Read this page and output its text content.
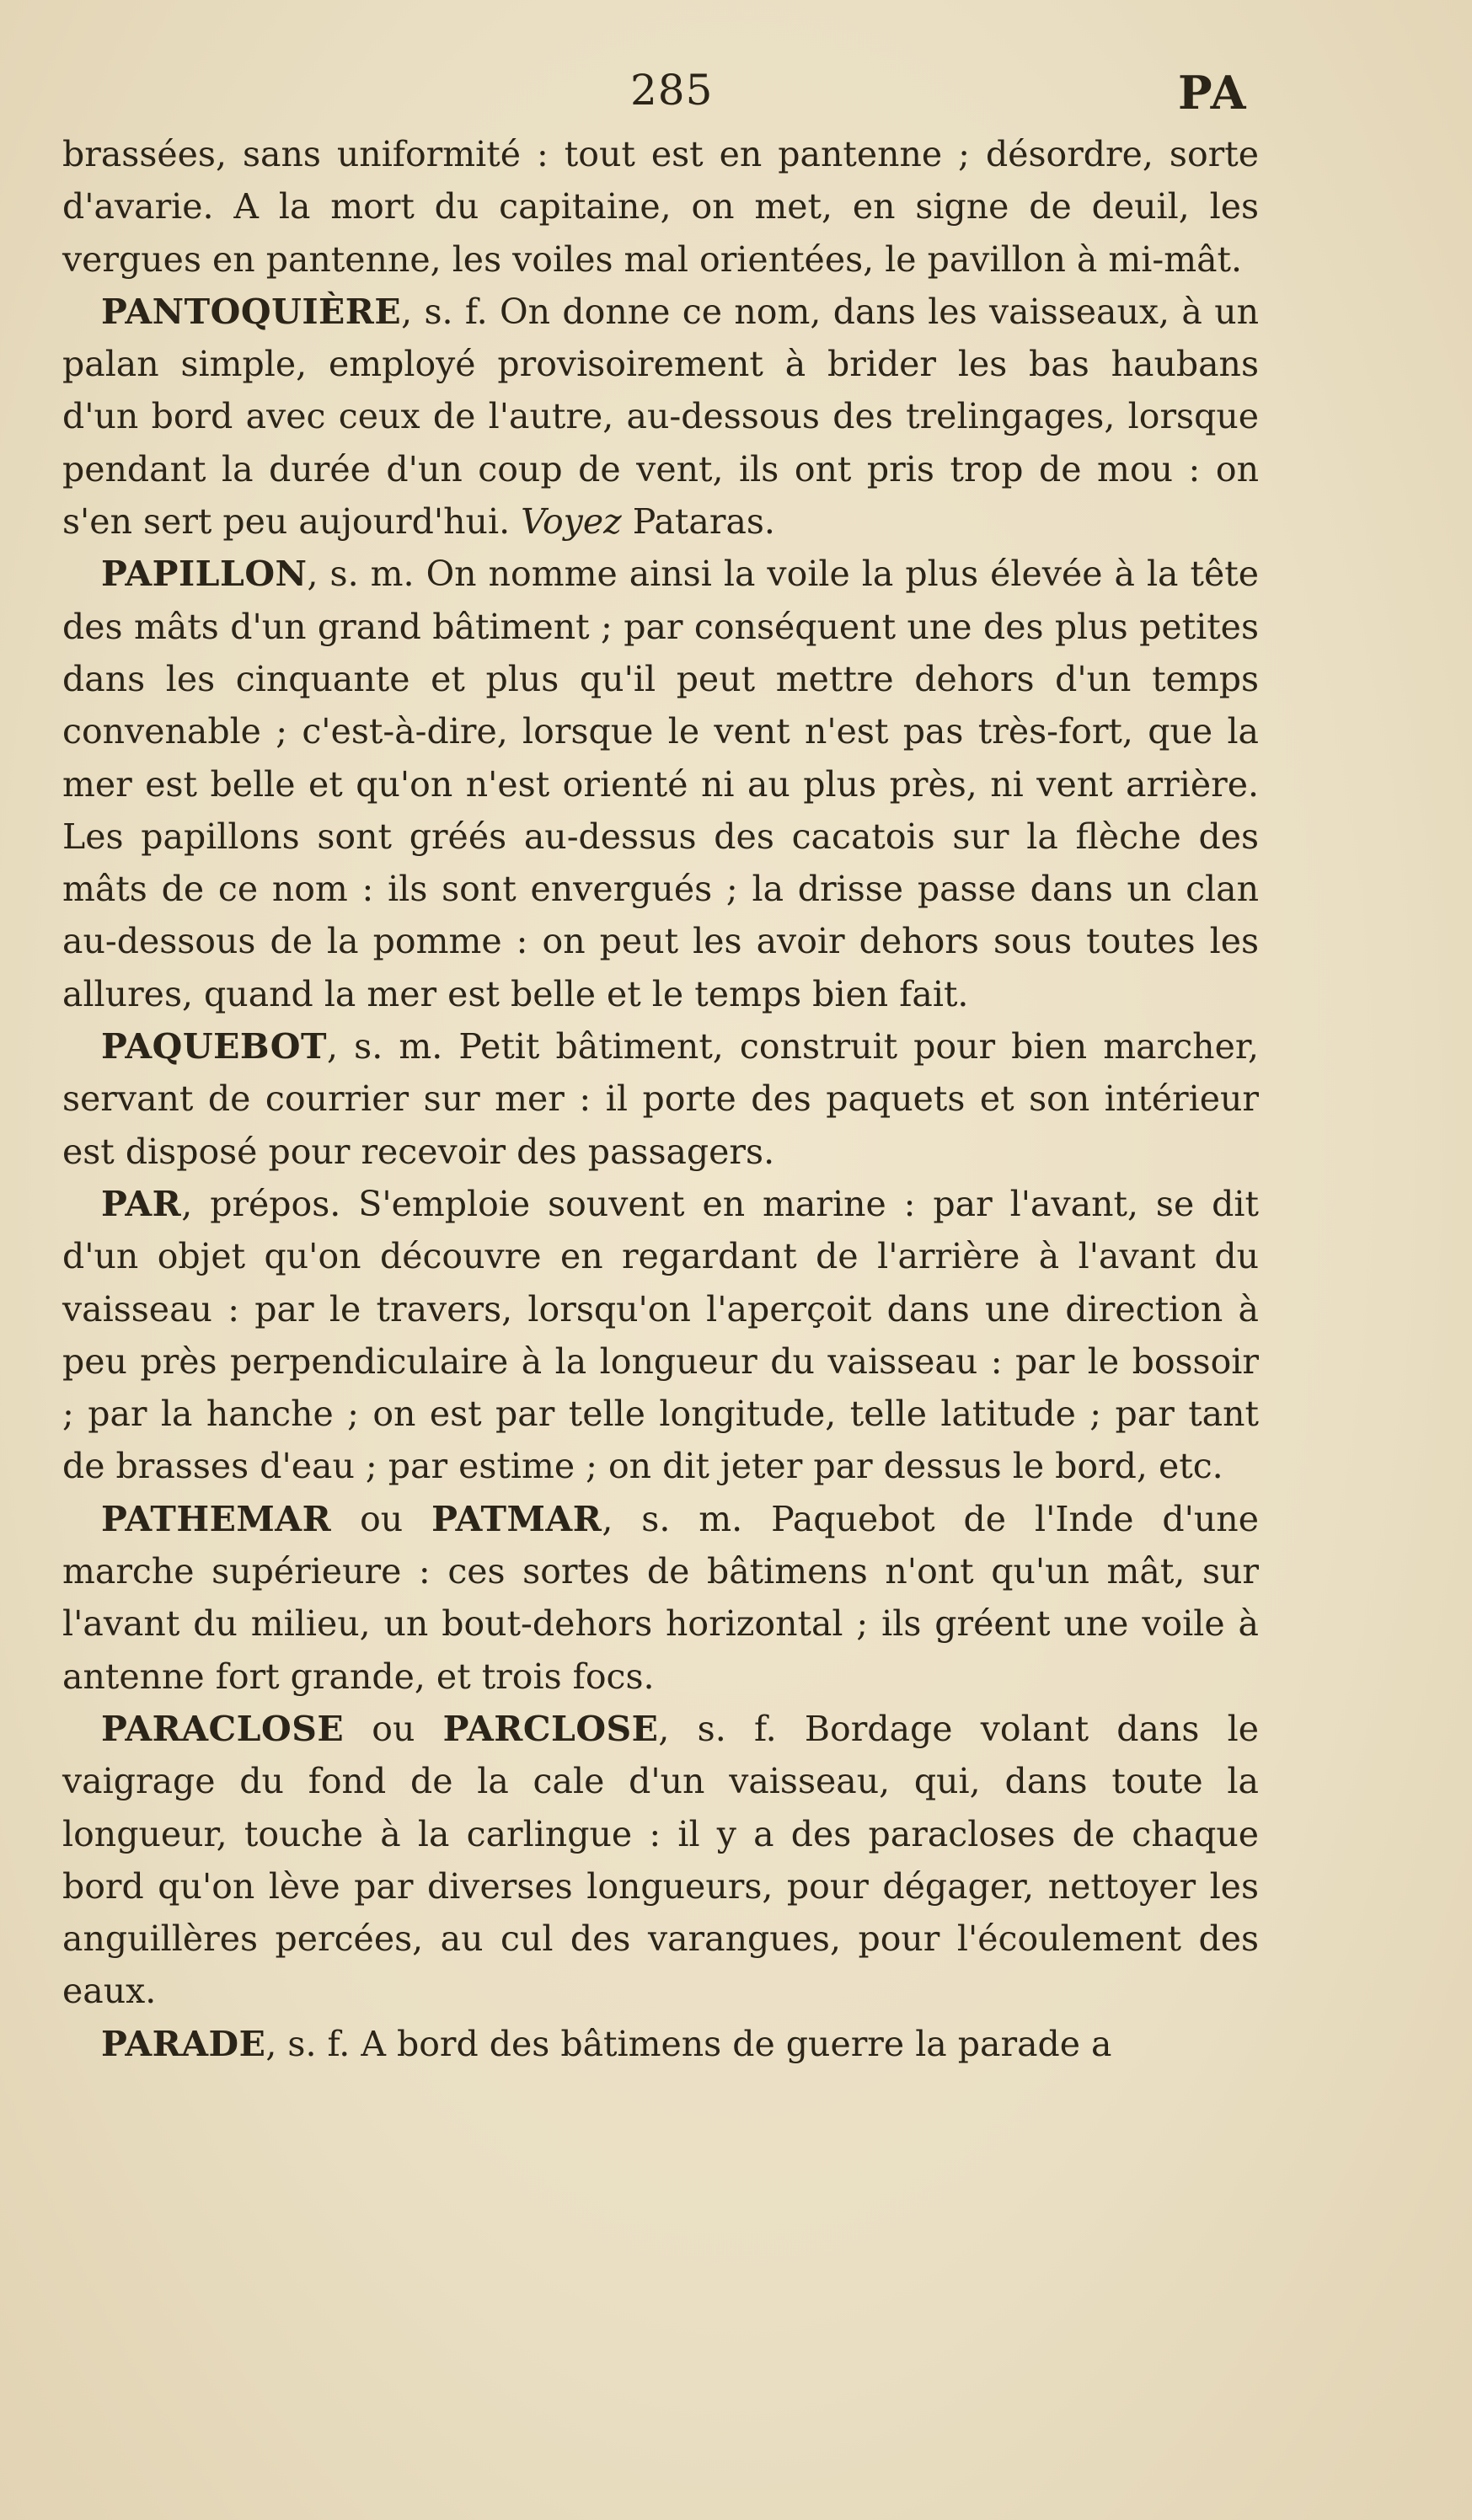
285	PA

brassées, sans uniformité : tout est en pantenne ; désordre, sorte d'avarie. A la mort du capitaine, on met, en signe de deuil, les vergues en pantenne, les voiles mal orientées, le pavillon à mi-mât.

PANTOQUIÈRE, s. f. On donne ce nom, dans les vaisseaux, à un palan simple, employé provisoirement à brider les bas haubans d'un bord avec ceux de l'autre, au-dessous des trelingages, lorsque pendant la durée d'un coup de vent, ils ont pris trop de mou : on s'en sert peu aujourd'hui. Voyez Pataras.

PAPILLON, s. m. On nomme ainsi la voile la plus élevée à la tête des mâts d'un grand bâtiment ; par conséquent une des plus petites dans les cinquante et plus qu'il peut mettre dehors d'un temps convenable ; c'est-à-dire, lorsque le vent n'est pas très-fort, que la mer est belle et qu'on n'est orienté ni au plus près, ni vent arrière. Les papillons sont gréés au-dessus des cacatois sur la flèche des mâts de ce nom : ils sont envergués ; la drisse passe dans un clan au-dessous de la pomme : on peut les avoir dehors sous toutes les allures, quand la mer est belle et le temps bien fait.

PAQUEBOT, s. m. Petit bâtiment, construit pour bien marcher, servant de courrier sur mer : il porte des paquets et son intérieur est disposé pour recevoir des passagers.

PAR, prépos. S'emploie souvent en marine : par l'avant, se dit d'un objet qu'on découvre en regardant de l'arrière à l'avant du vaisseau : par le travers, lorsqu'on l'aperçoit dans une direction à peu près perpendiculaire à la longueur du vaisseau : par le bossoir ; par la hanche ; on est par telle longitude, telle latitude ; par tant de brasses d'eau ; par estime ; on dit jeter par dessus le bord, etc.

PATHEMAR ou PATMAR, s. m. Paquebot de l'Inde d'une marche supérieure : ces sortes de bâtimens n'ont qu'un mât, sur l'avant du milieu, un bout-dehors horizontal ; ils gréent une voile à antenne fort grande, et trois focs.

PARACLOSE ou PARCLOSE, s. f. Bordage volant dans le vaigrage du fond de la cale d'un vaisseau, qui, dans toute la longueur, touche à la carlingue : il y a des paracloses de chaque bord qu'on lève par diverses longueurs, pour dégager, nettoyer les anguillères percées, au cul des varangues, pour l'écoulement des eaux.

PARADE, s. f. A bord des bâtimens de guerre la parade a
